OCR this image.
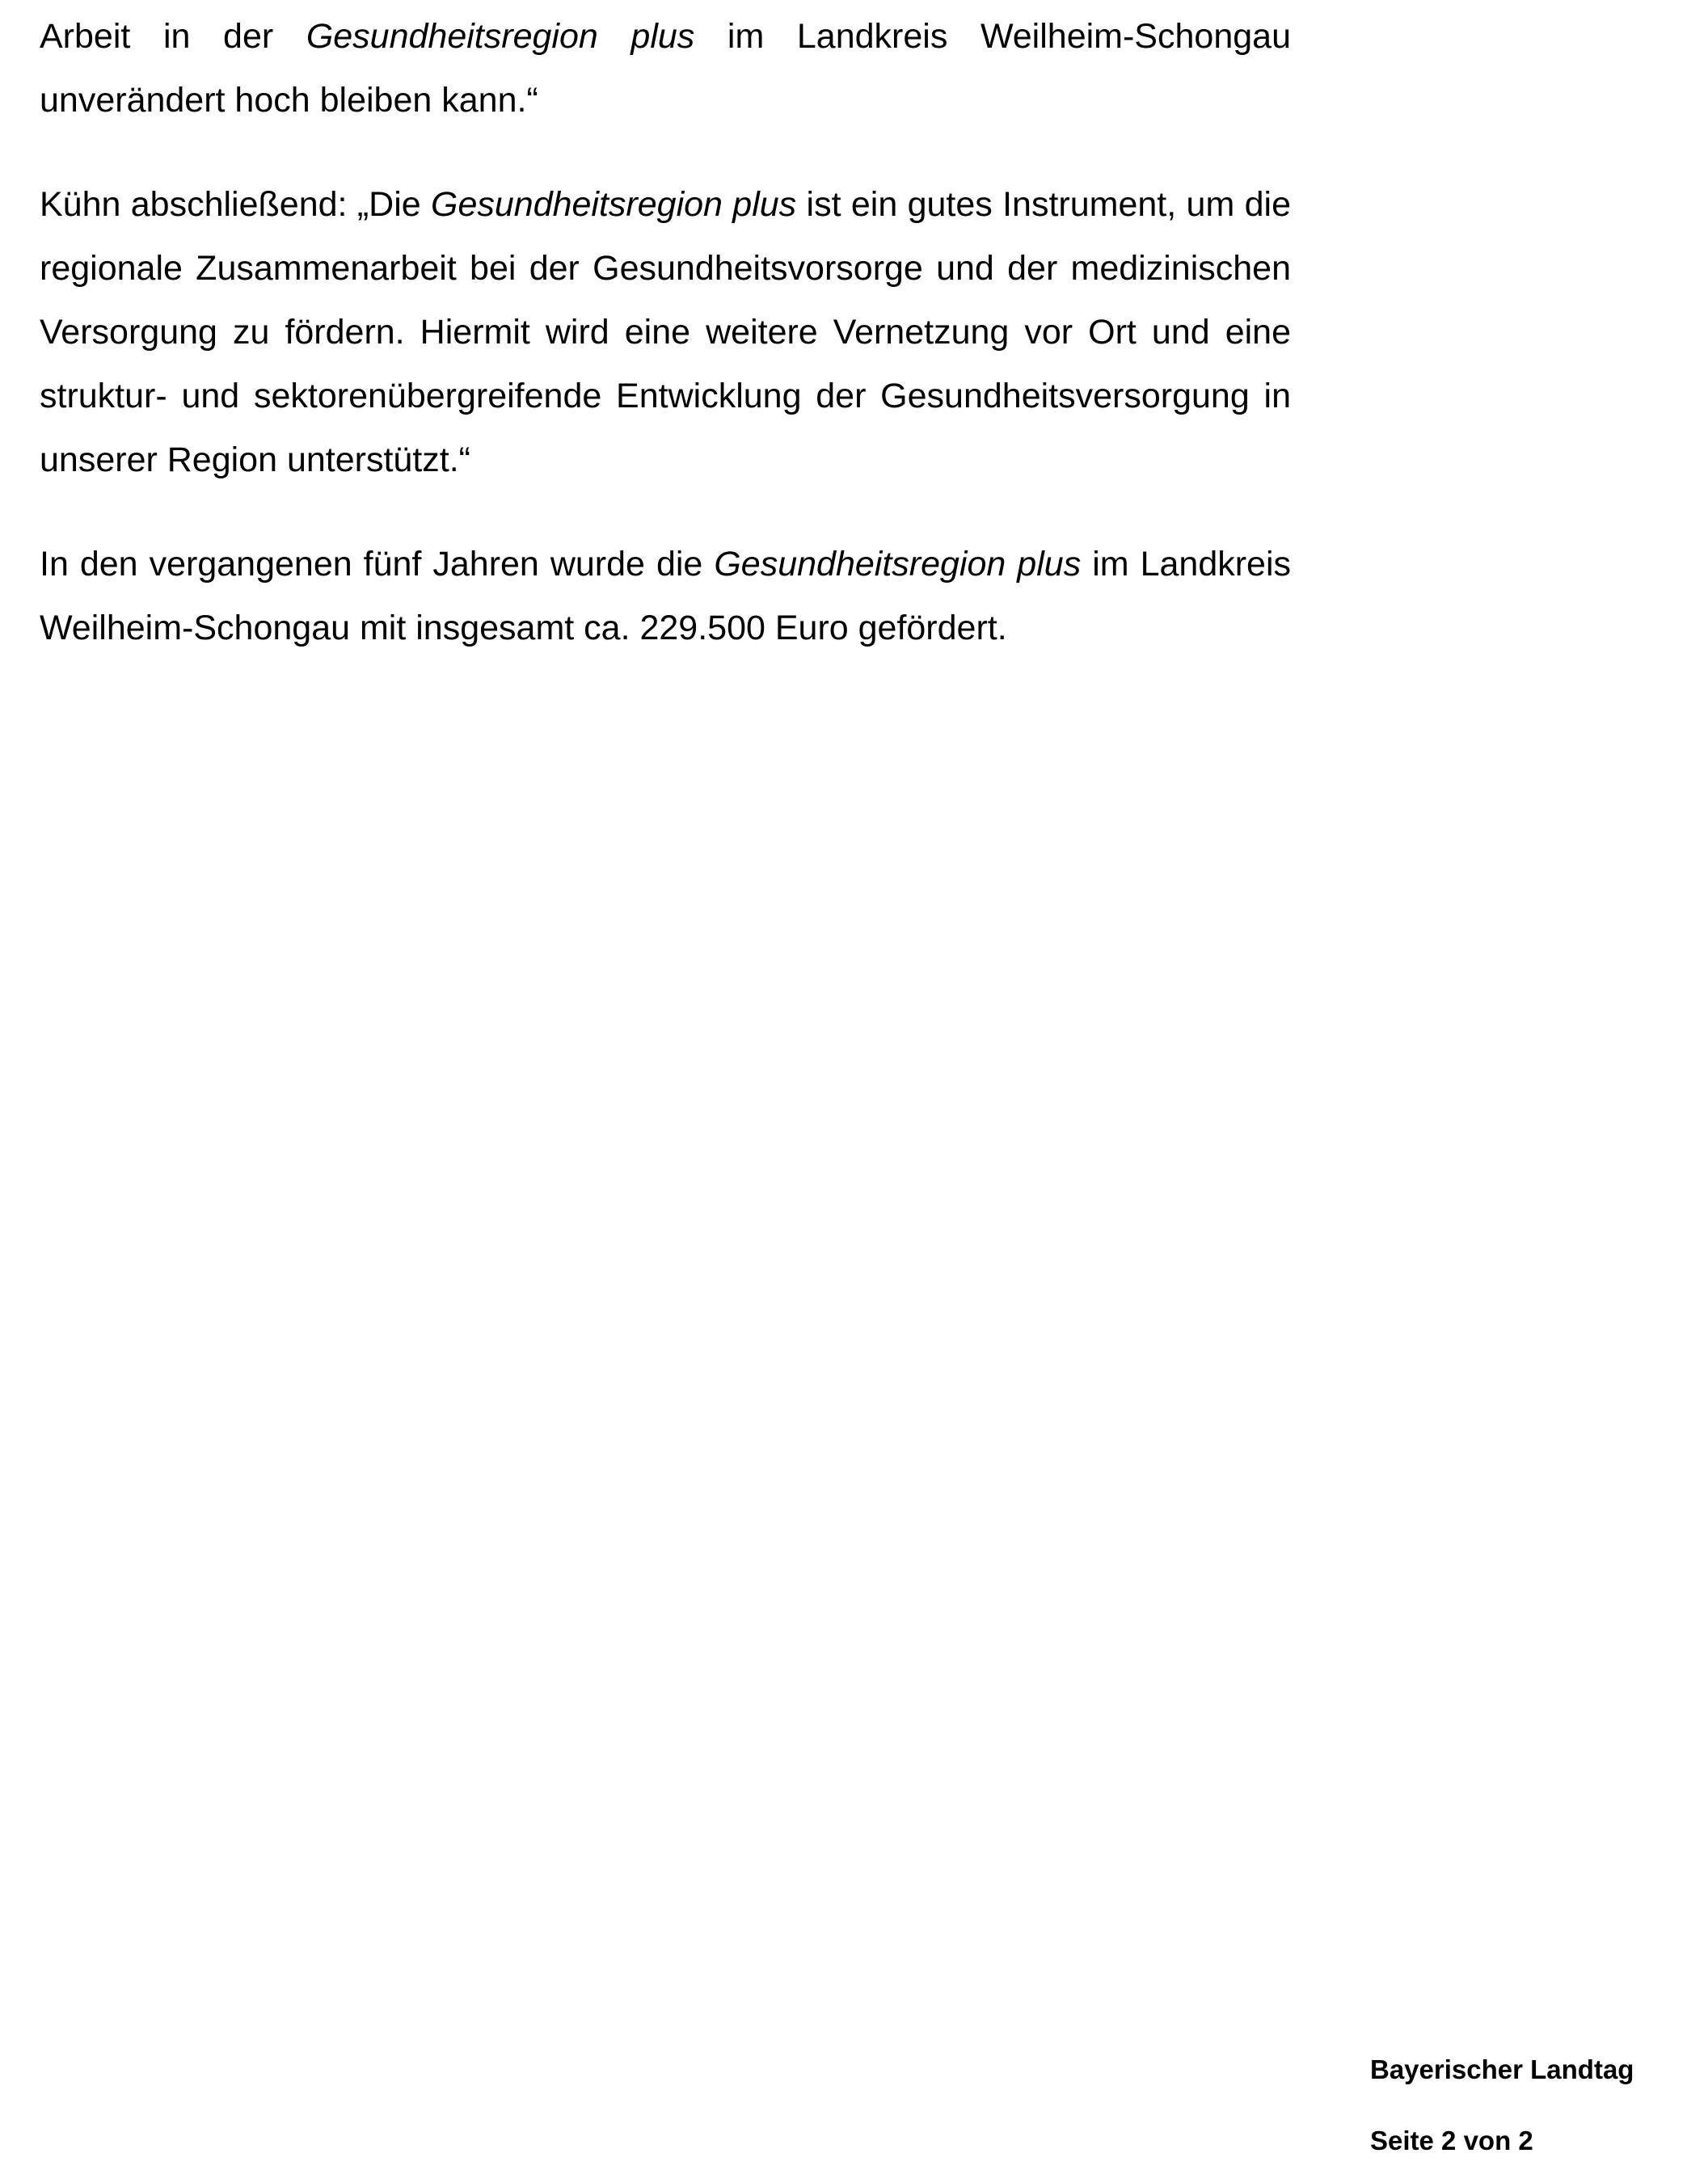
Arbeit in der Gesundheitsregion plus im Landkreis Weilheim-Schongau unverändert hoch bleiben kann.“

Kühn abschließend: „Die Gesundheitsregion plus ist ein gutes Instrument, um die regionale Zusammenarbeit bei der Gesundheitsvorsorge und der medizinischen Versorgung zu fördern. Hiermit wird eine weitere Vernetzung vor Ort und eine struktur- und sektorenübergreifende Entwicklung der Gesundheitsversorgung in unserer Region unterstützt.“

In den vergangenen fünf Jahren wurde die Gesundheitsregion plus im Landkreis Weilheim-Schongau mit insgesamt ca. 229.500 Euro gefördert.

Bayerischer Landtag
Seite 2 von 2
